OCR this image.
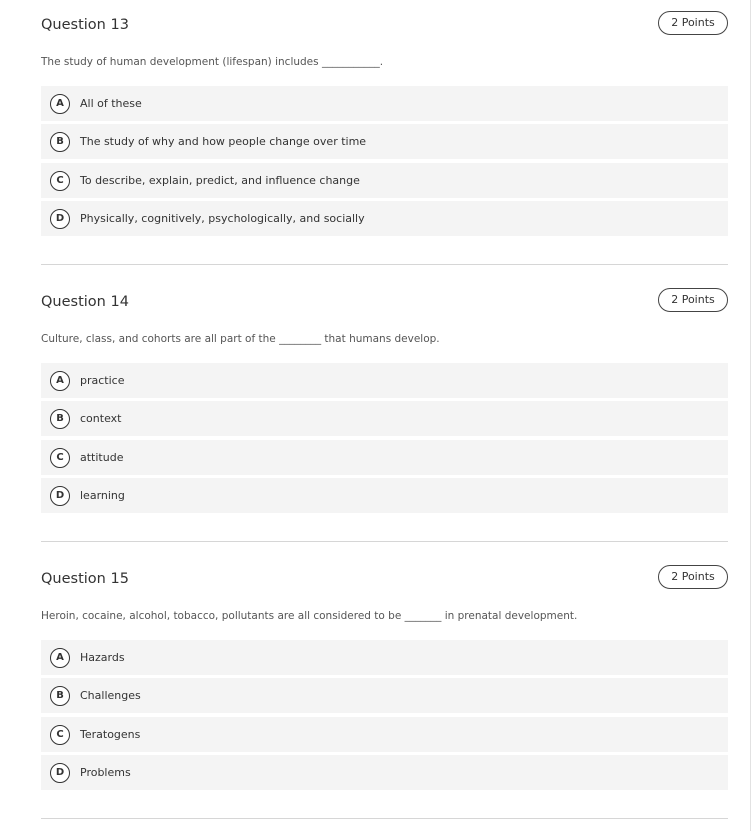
Question 13	2 Points
The study of human development (lifespan) includes ___________.
A	All of these
B	The study of why and how people change over time
C	To describe, explain, predict, and influence change
D	Physically, cognitively, psychologically, and socially
Question 14	2 Points
Culture, class, and cohorts are all part of the ________ that humans develop.
A	practice
B	context
C	attitude
D	learning
Question 15	2 Points
Heroin, cocaine, alcohol, tobacco, pollutants are all considered to be _______ in prenatal development.
A	Hazards
B	Challenges
C	Teratogens
D	Problems
